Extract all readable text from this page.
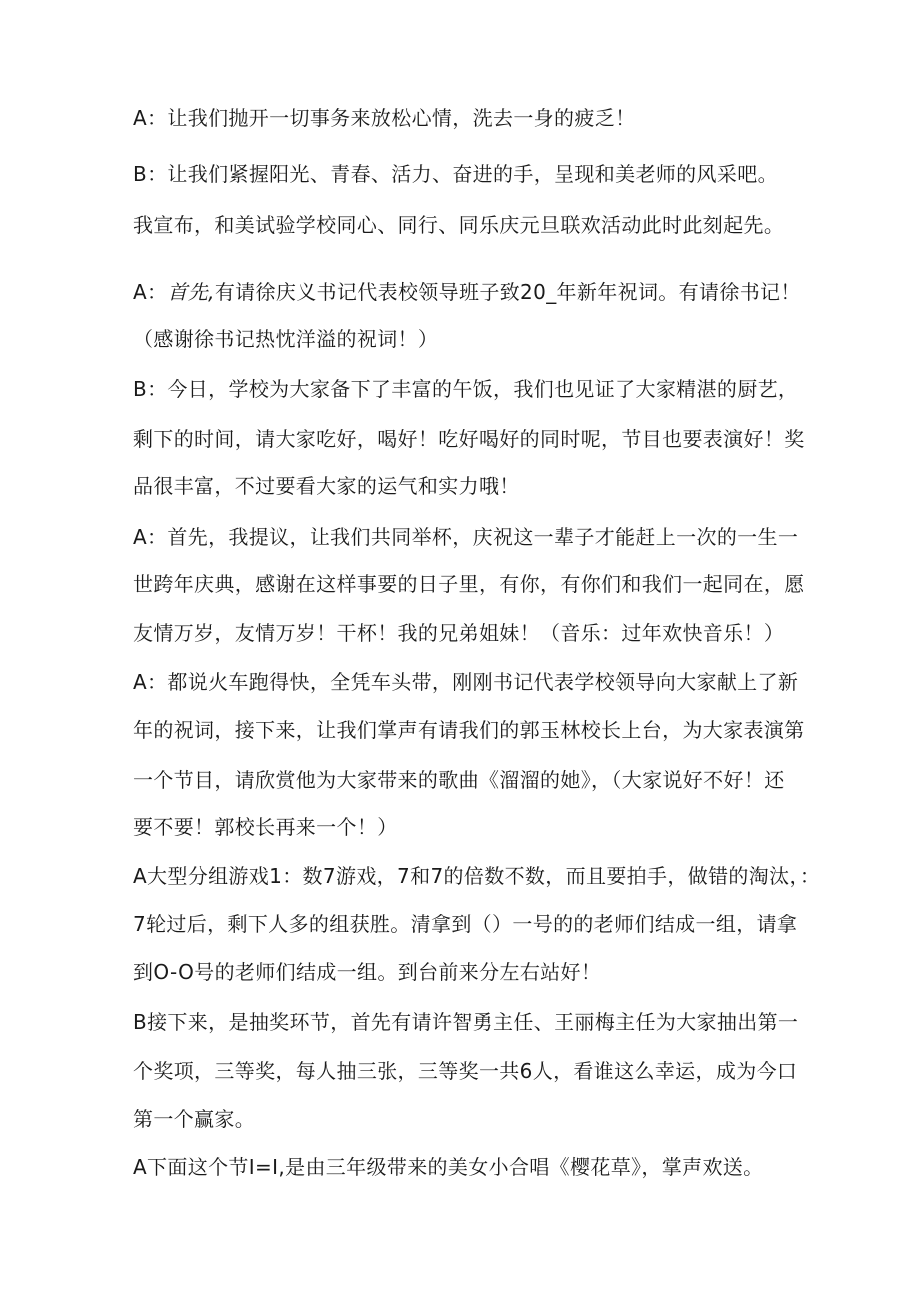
A：让我们抛开一切事务来放松心情，洗去一身的疲乏！
B：让我们紧握阳光、青春、活力、奋进的手，呈现和美老师的风采吧。
我宣布，和美试验学校同心、同行、同乐庆元旦联欢活动此时此刻起先。
A：首先,有请徐庆义书记代表校领导班子致20_年新年祝词。有请徐书记！
（感谢徐书记热忱洋溢的祝词！）
B：今日，学校为大家备下了丰富的午饭，我们也见证了大家精湛的厨艺，
剩下的时间，请大家吃好，喝好！吃好喝好的同时呢，节目也要表演好！奖
品很丰富，不过要看大家的运气和实力哦！
A：首先，我提议，让我们共同举杯，庆祝这一辈子才能赶上一次的一生一
世跨年庆典，感谢在这样事要的日子里，有你，有你们和我们一起同在，愿
友情万岁，友情万岁！干杯！我的兄弟姐妹！（音乐：过年欢快音乐！）
A：都说火车跑得快，全凭车头带，刚刚书记代表学校领导向大家献上了新
年的祝词，接下来，让我们掌声有请我们的郭玉林校长上台，为大家表演第
一个节目，请欣赏他为大家带来的歌曲《溜溜的她》，（大家说好不好！还
要不要！郭校长再来一个！）
A大型分组游戏1：数7游戏，7和7的倍数不数，而且要拍手，做错的淘汰，：
7轮过后，剩下人多的组获胜。清拿到（）一号的的老师们结成一组，请拿
到O-O号的老师们结成一组。到台前来分左右站好！
B接下来，是抽奖环节，首先有请许智勇主任、王丽梅主任为大家抽出第一
个奖项，三等奖，每人抽三张，三等奖一共6人，看谁这么幸运，成为今口
第一个赢家。
A下面这个节I=I,是由三年级带来的美女小合唱《樱花草》，掌声欢送。
